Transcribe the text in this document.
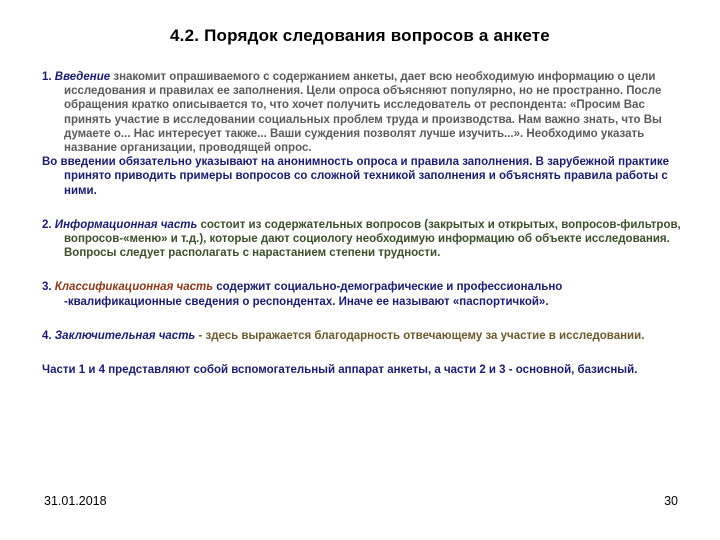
4.2. Порядок следования вопросов а анкете

1. Введение знакомит опрашиваемого с содержанием анкеты, дает всю необходимую информацию о цели исследования и правилах ее заполнения. Цели опроса объясняют популярно, но не пространно. После обращения кратко описывается то, что хочет получить исследователь от респондента: «Просим Вас принять участие в исследовании социальных проблем труда и производства. Нам важно знать, что Вы думаете о... Нас интересует также... Ваши суждения позволят лучше изучить...». Необходимо указать название организации, проводящей опрос.

Во введении обязательно указывают на анонимность опроса и правила заполнения. В зарубежной практике принято приводить примеры вопросов со сложной техникой заполнения и объяснять правила работы с ними.

2. Информационная часть состоит из содержательных вопросов (закрытых и открытых, вопросов-фильтров, вопросов-«меню» и т.д.), которые дают социологу необходимую информацию об объекте исследования. Вопросы следует располагать с нарастанием степени трудности.

3. Классификационная часть содержит социально-демографические и профессионально -квалификационные сведения о респондентах. Иначе ее называют «паспортичкой».

4. Заключительная часть - здесь выражается благодарность отвечающему за участие в исследовании.

Части 1 и 4 представляют собой вспомогательный аппарат анкеты, а части 2 и 3 - основной, базисный.

31.01.2018	30
